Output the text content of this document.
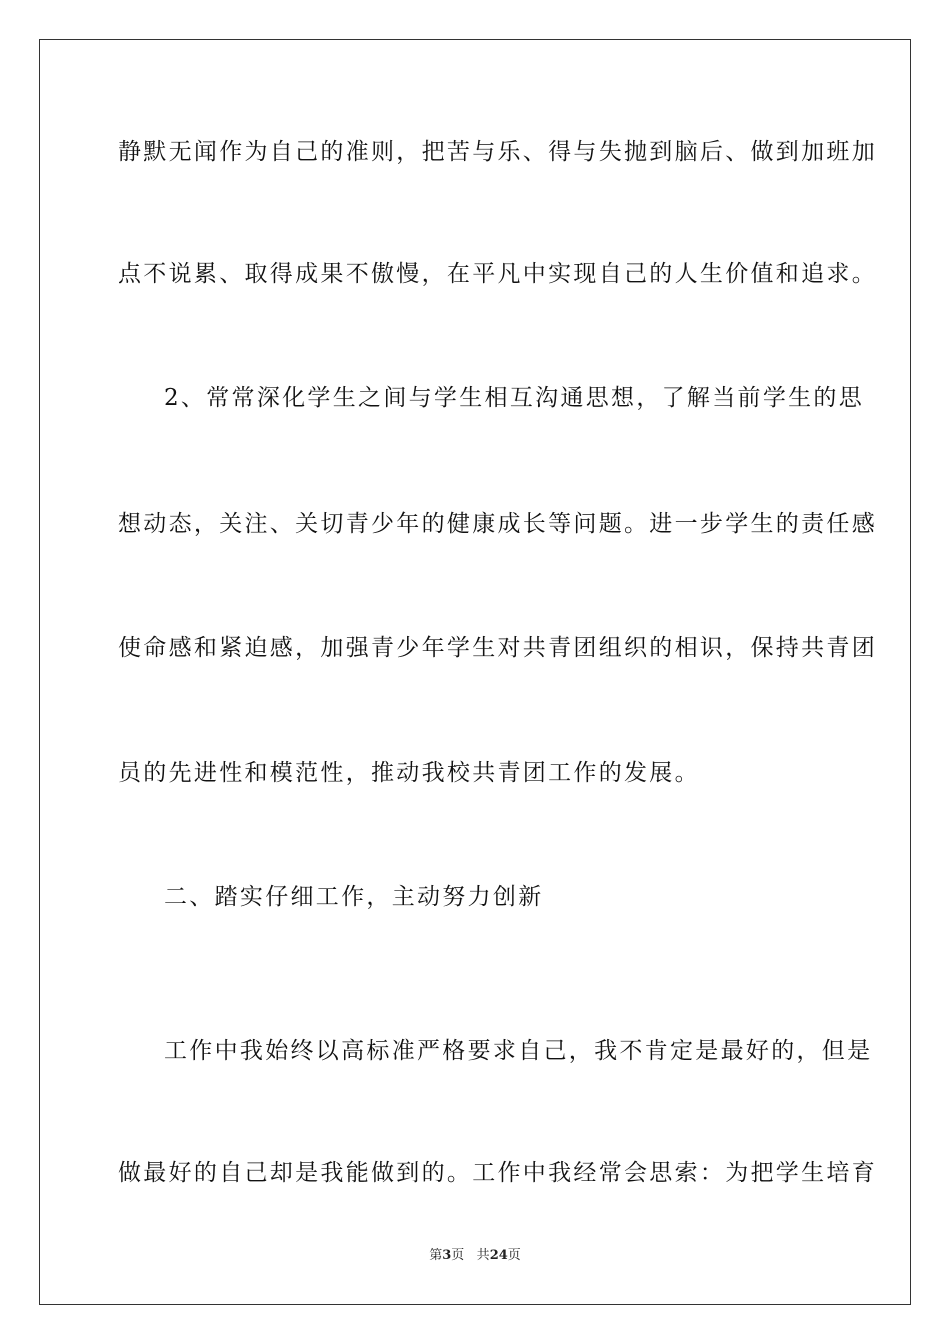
静默无闻作为自己的准则，把苦与乐、得与失抛到脑后、做到加班加
点不说累、取得成果不傲慢，在平凡中实现自己的人生价值和追求。
2、常常深化学生之间与学生相互沟通思想，了解当前学生的思
想动态，关注、关切青少年的健康成长等问题。进一步学生的责任感
使命感和紧迫感，加强青少年学生对共青团组织的相识，保持共青团
员的先进性和模范性，推动我校共青团工作的发展。
二、踏实仔细工作，主动努力创新
工作中我始终以高标准严格要求自己，我不肯定是最好的，但是
做最好的自己却是我能做到的。工作中我经常会思索：为把学生培育
第3页 共24页
